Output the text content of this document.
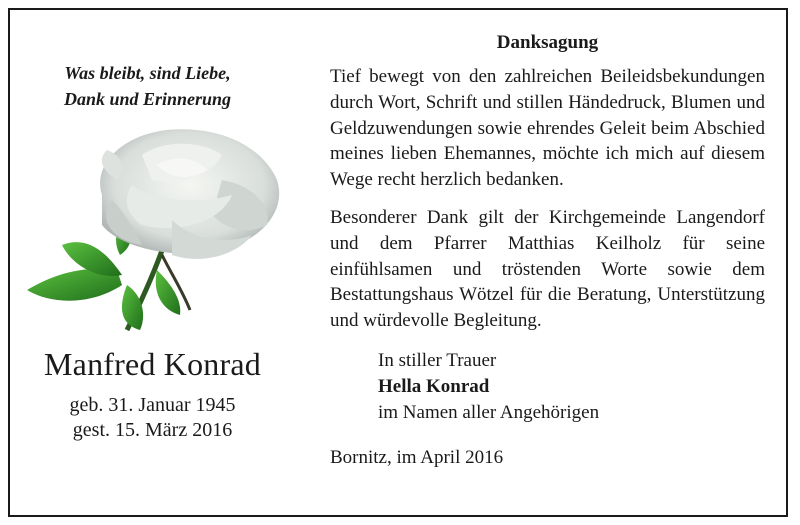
Was bleibt, sind Liebe,
Dank und Erinnerung

Manfred Konrad
geb. 31. Januar 1945
gest. 15. März 2016

Danksagung

Tief bewegt von den zahlreichen Beileidsbekundungen durch Wort, Schrift und stillen Händedruck, Blumen und Geldzuwendungen sowie ehrendes Geleit beim Abschied meines lieben Ehemannes, möchte ich mich auf diesem Wege recht herzlich bedanken.

Besonderer Dank gilt der Kirchgemeinde Langendorf und dem Pfarrer Matthias Keilholz für seine einfühlsamen und tröstenden Worte sowie dem Bestattungshaus Wötzel für die Beratung, Unterstützung und würdevolle Begleitung.

In stiller Trauer
Hella Konrad
im Namen aller Angehörigen
Bornitz, im April 2016
